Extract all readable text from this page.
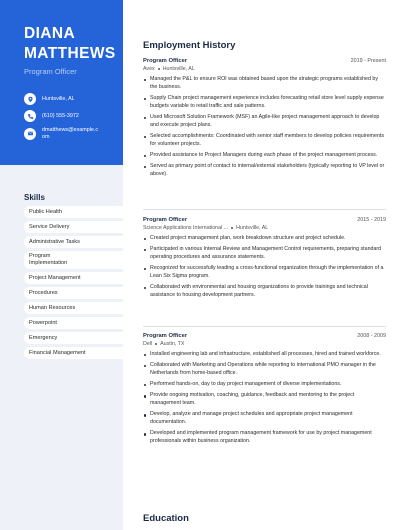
DIANA
MATTHEWS
Program Officer
Huntsville, AL
(610) 555-3972
dmatthews@example.c
om
Skills
Public Health
Service Delivery
Administrative Tasks
Program
Implementation
Project Management
Procedures
Human Resources
Powerpoint
Emergency
Financial Management
Employment History
Program Officer	2019 - Present
Avex Huntsville, AL
Managed the P&L to ensure ROI was obtained based upon the strategic programs established by the business.
Supply Chain project management experience includes forecasting retail store level supply expense budgets variable to retail traffic and sale patterns.
Used Microsoft Solution Framework (MSF) an Agile-like project management approach to develop and execute project plans.
Selected accomplishments: Coordinated with senior staff members to develop policies requirements for volunteer projects.
Provided assistance to Project Managers during each phase of the project management process.
Served as primary point of contact to internal/external stakeholders (typically reporting to VP level or above).
Program Officer	2015 - 2019
Science Applications International ... Huntsville, AL
Created project management plan, work breakdown structure and project schedule.
Participated in various Internal Review and Management Control requirements, preparing standard operating procedures and assurance statements.
Recognized for successfully leading a cross-functional organization through the implementation of a Lean Six Sigma program.
Collaborated with environmental and housing organizations to provide trainings and technical assistance to housing development partners.
Program Officer	2008 - 2009
Dell Austin, TX
Installed engineering lab and infrastructure, established all processes, hired and trained workforce.
Collaborated with Marketing and Operations while reporting to international PMO manager in the Netherlands from home-based office.
Performed hands-on, day to day project management of diverse implementations.
Provide ongoing motivation, coaching, guidance, feedback and mentoring to the project management team.
Develop, analyze and manage project schedules and appropriate project management documentation.
Developed and implemented program management framework for use by project management professionals within business organization.
Education
